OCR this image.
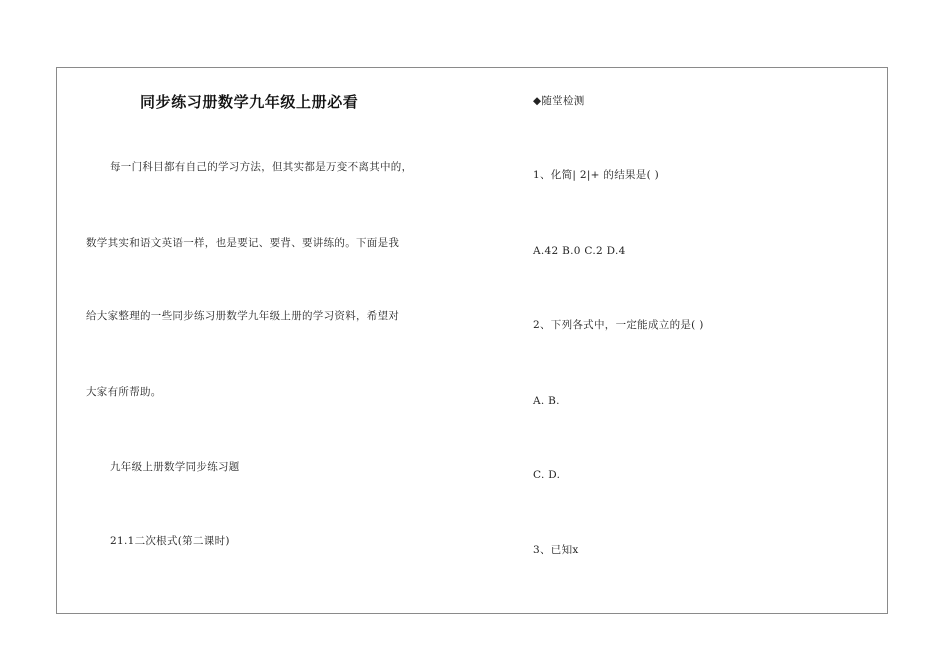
同步练习册数学九年级上册必看
每一门科目都有自己的学习方法，但其实都是万变不离其中的，
数学其实和语文英语一样，也是要记、要背、要讲练的。下面是我
给大家整理的一些同步练习册数学九年级上册的学习资料，希望对
大家有所帮助。
九年级上册数学同步练习题
21.1二次根式(第二课时)
◆随堂检测
1、化简| 2|+ 的结果是( )
A.42 B.0 C.2 D.4
2、下列各式中，一定能成立的是( )
A. B.
C. D.
3、已知x
